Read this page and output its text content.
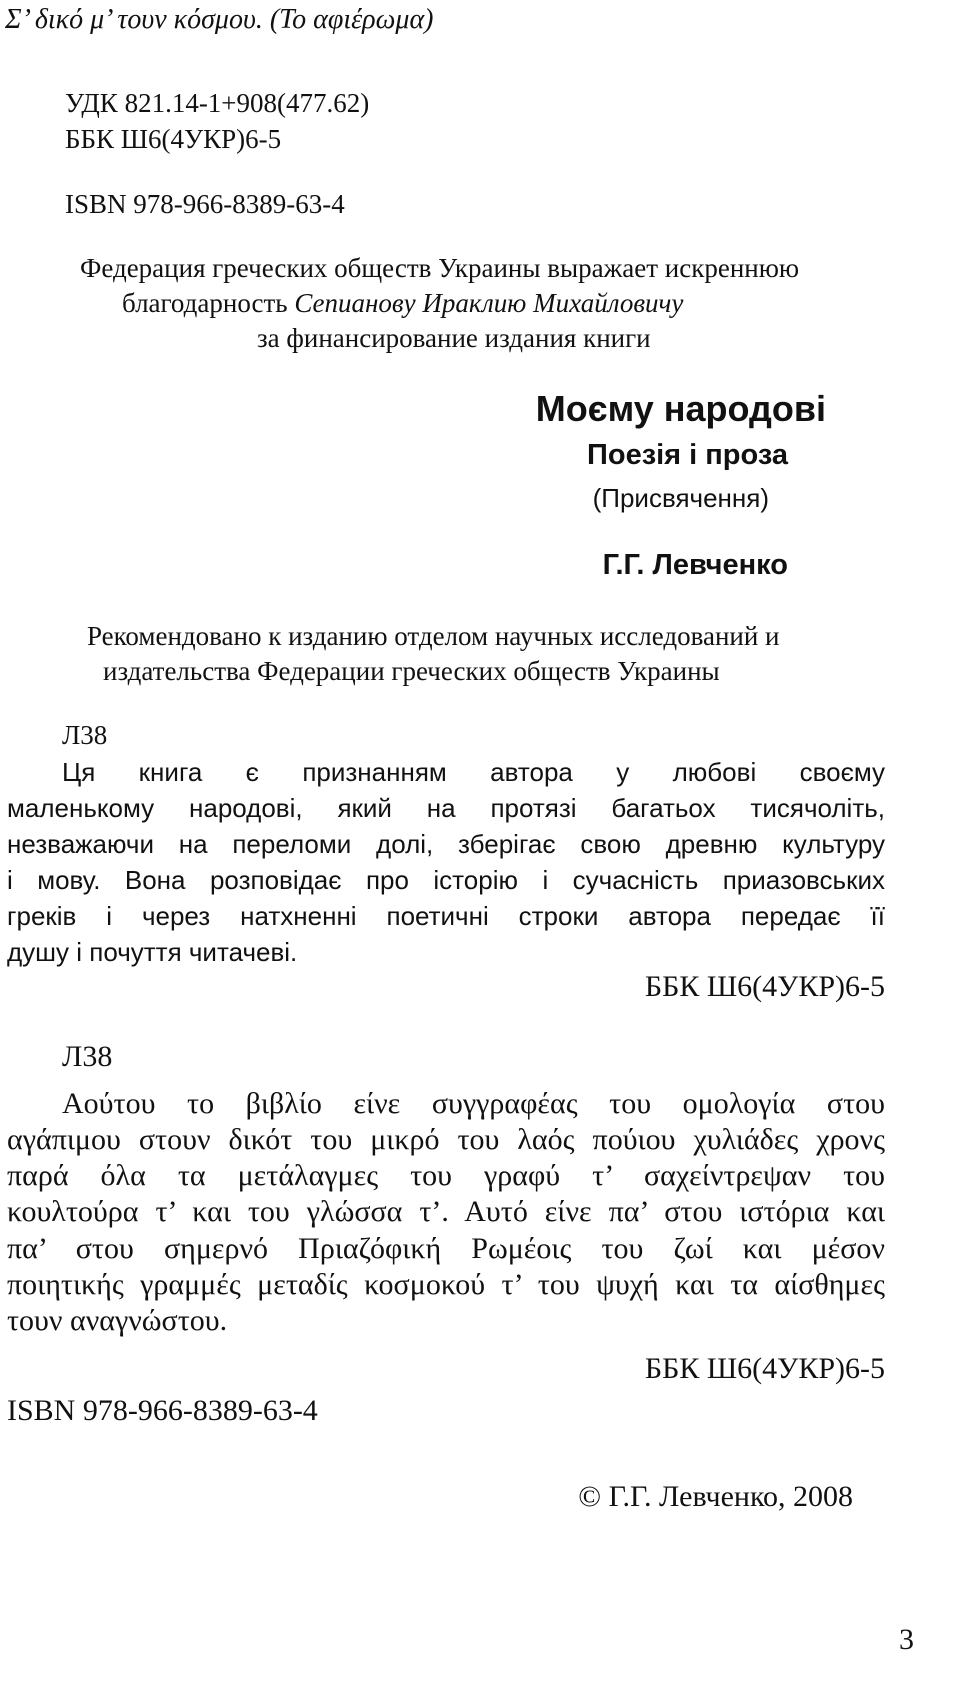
Σ’ δικό μ’ τουν κόσμου. (Το αφιέρωμα)
УДК 821.14-1+908(477.62)
ББК Ш6(4УКР)6-5
ISBN 978-966-8389-63-4
Федерация греческих обществ Украины выражает искреннюю
благодарность Сепианову Ираклию Михайловичу
за финансирование издания книги
Моєму народові
Поезія і проза
(Присвячення)
Г.Г. Левченко
Рекомендовано к изданию отделом научных исследований и
издательства Федерации греческих обществ Украины
Л38
Ця книга є признанням автора у любові своєму
маленькому народові, який на протязі багатьох тисячоліть,
незважаючи на переломи долі, зберігає свою древню культуру
і мову. Вона розповідає про історію і сучасність приазовських
греків і через натхненні поетичні строки автора передає її
душу і почуття читачеві.
ББК Ш6(4УКР)6-5
Л38
Αούτου το βιβλίο είνε συγγραφέας του ομολογία στου
αγάπιμου στουν δικότ του μικρό του λαός πούιου χυλιάδες χρονς
παρά όλα τα μετάλαγμες του γραφύ τ’ σαχείντρεψαν του
κουλτούρα τ’ και του γλώσσα τ’. Αυτό είνε πα’ στου ιστόρια και
πα’ στου σημερνό Πριαζόφική Ρωμέοις του ζωί και μέσον
ποιητικής γραμμές μεταδίς κοσμοκού τ’ του ψυχή και τα αίσθημες
τουν αναγνώστου.
ББК Ш6(4УКР)6-5
ISBN 978-966-8389-63-4
© Г.Г. Левченко, 2008
3
